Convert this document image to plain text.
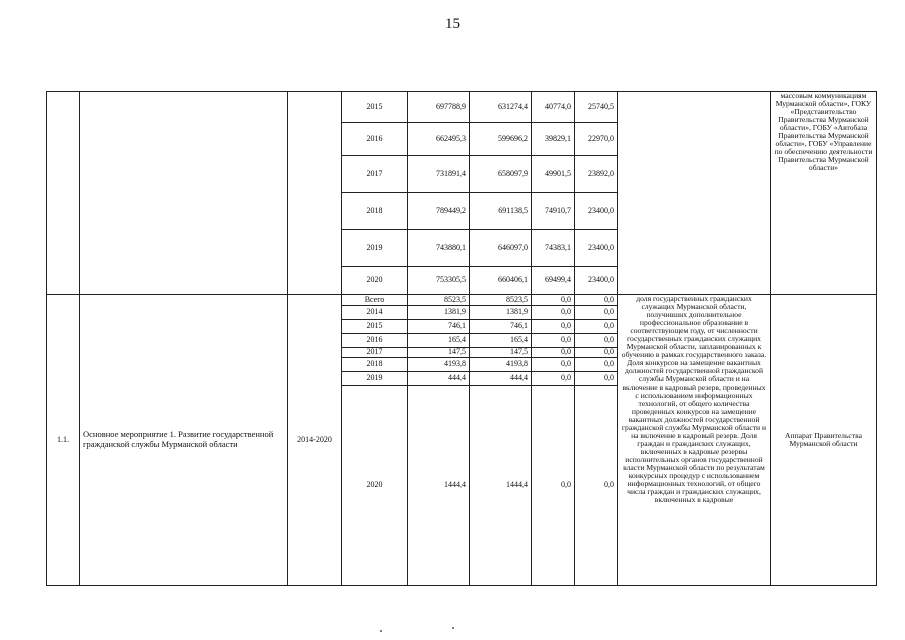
15
			2015	697788,9	631274,4	40774,0	25740,5		массовым коммуникациям Мурманской области», ГОКУ «Представительство Правительства Мурманской области», ГОБУ «Автобаза Правительства Мурманской области», ГОБУ «Управление по обеспечению деятельности Правительства Мурманской области»
			2016	662495,3	599696,2	39829,1	22970,0		
			2017	731891,4	658097,9	49901,5	23892,0		
			2018	789449,2	691138,5	74910,7	23400,0		
			2019	743880,1	646097,0	74383,1	23400,0		
			2020	753305,5	660406,1	69499,4	23400,0		
1.1.	Основное мероприятие 1. Развитие государственной гражданской службы Мурманской области	2014-2020	Всего	8523,5	8523,5	0,0	0,0	доля государственных гражданских служащих Мурманской области, получивших дополнительное профессиональное образование в соответствующем году, от численности государственных гражданских служащих Мурманской области, запланированных к обучению в рамках государственного заказа. Доля конкурсов на замещение вакантных должностей государственной гражданской службы Мурманской области и на включение в кадровый резерв, проведенных с использованием информационных технологий, от общего количества проведенных конкурсов на замещение вакантных должностей государственной гражданской службы Мурманской области и на включение в кадровый резерв. Доля граждан и гражданских служащих, включенных в кадровые резервы исполнительных органов государственной власти Мурманской области по результатам конкурсных процедур с использованием информационных технологий, от общего числа граждан и гражданских служащих, включенных в кадровые	Аппарат Правительства Мурманской области
			2014	1381,9	1381,9	0,0	0,0		
			2015	746,1	746,1	0,0	0,0		
			2016	165,4	165,4	0,0	0,0		
			2017	147,5	147,5	0,0	0,0		
			2018	4193,8	4193,8	0,0	0,0		
			2019	444,4	444,4	0,0	0,0		
			2020	1444,4	1444,4	0,0	0,0		
